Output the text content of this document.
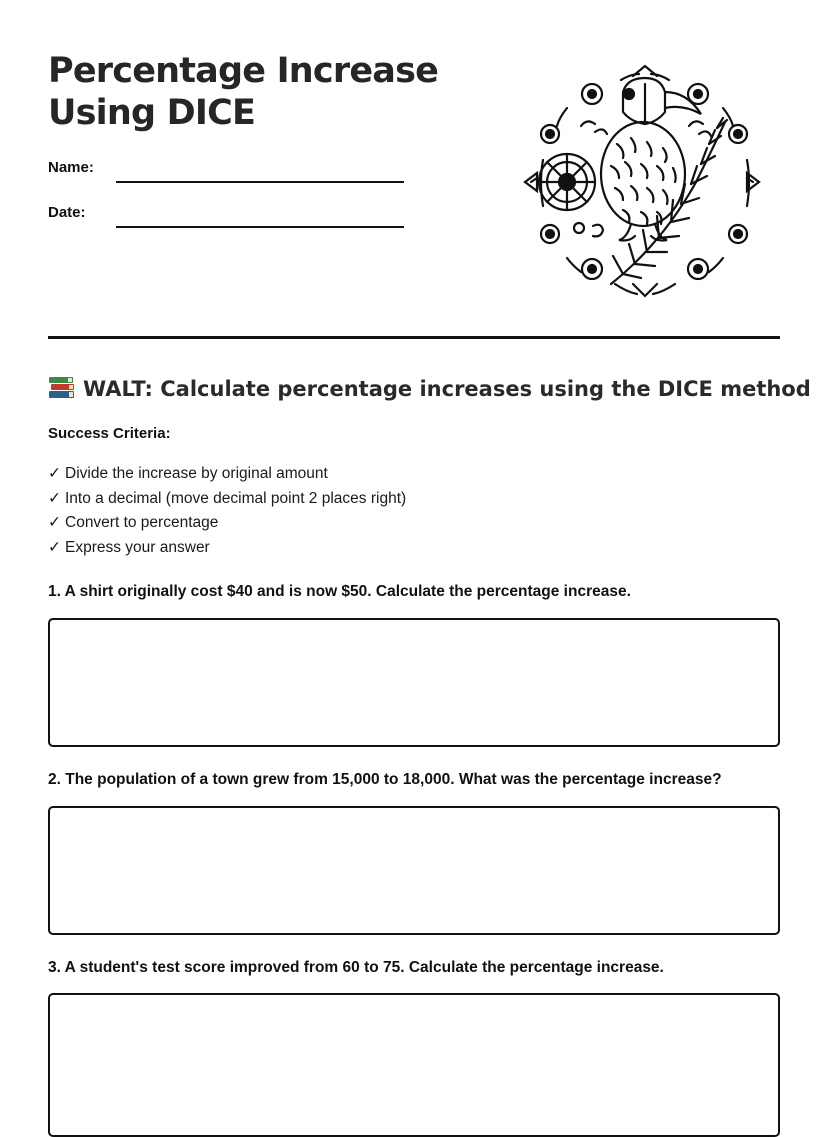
Percentage Increase
Using DICE
Name:
Date:
WALT: Calculate percentage increases using the DICE method
Success Criteria:
✓ Divide the increase by original amount
✓ Into a decimal (move decimal point 2 places right)
✓ Convert to percentage
✓ Express your answer
1. A shirt originally cost $40 and is now $50. Calculate the percentage increase.
2. The population of a town grew from 15,000 to 18,000. What was the percentage increase?
3. A student's test score improved from 60 to 75. Calculate the percentage increase.
